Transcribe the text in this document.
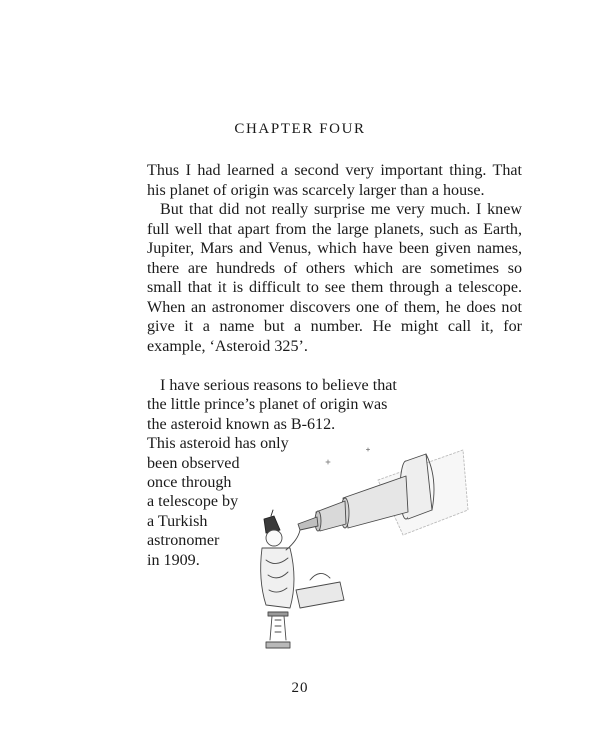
CHAPTER FOUR

Thus I had learned a second very important thing. That his planet of origin was scarcely larger than a house.

But that did not really surprise me very much. I knew full well that apart from the large planets, such as Earth, Jupiter, Mars and Venus, which have been given names, there are hundreds of others which are sometimes so small that it is difficult to see them through a telescope. When an astronomer discovers one of them, he does not give it a name but a number. He might call it, for example, ‘Asteroid 325’.

I have serious reasons to believe that
the little prince’s planet of origin was
the asteroid known as B-612.
This asteroid has only
been observed
once through
a telescope by
a Turkish
astronomer
in 1909.
20
